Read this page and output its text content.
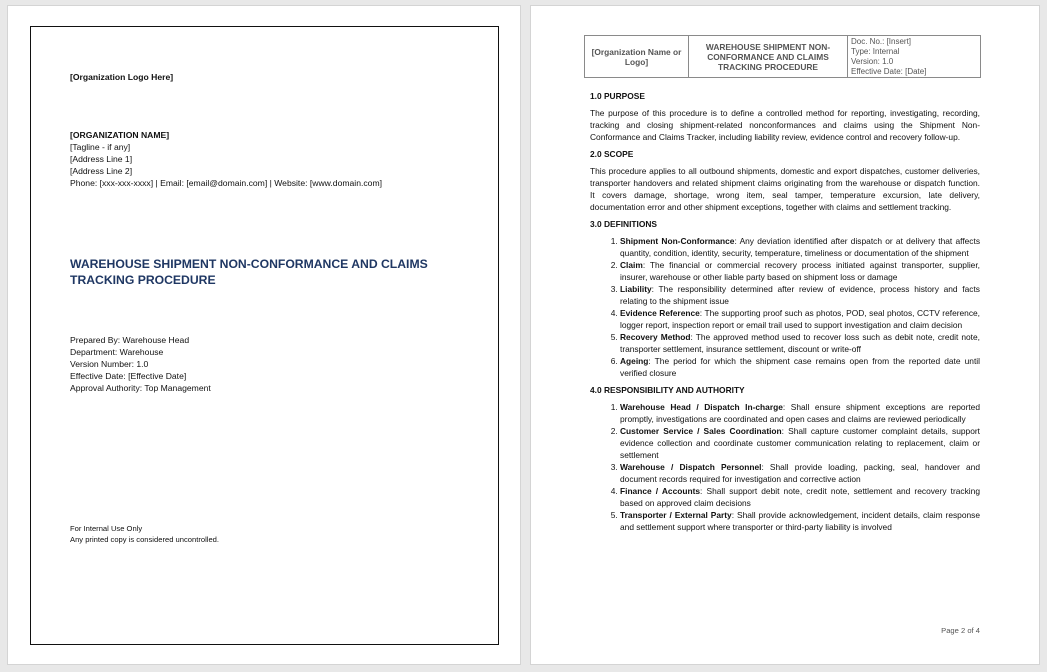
[Organization Logo Here]
[ORGANIZATION NAME]
[Tagline - if any]
[Address Line 1]
[Address Line 2]
Phone: [xxx-xxx-xxxx] | Email: [email@domain.com] | Website: [www.domain.com]
WAREHOUSE SHIPMENT NON-CONFORMANCE AND CLAIMS TRACKING PROCEDURE
Prepared By: Warehouse Head
Department: Warehouse
Version Number: 1.0
Effective Date: [Effective Date]
Approval Authority: Top Management
For Internal Use Only
Any printed copy is considered uncontrolled.
[Organization Name or Logo]	WAREHOUSE SHIPMENT NON-CONFORMANCE AND CLAIMS TRACKING PROCEDURE	
Doc. No.: [Insert]
Type: Internal
Version: 1.0
Effective Date: [Date]
1.0 PURPOSE

The purpose of this procedure is to define a controlled method for reporting, investigating, recording, tracking and closing shipment-related nonconformances and claims using the Shipment Non-Conformance and Claims Tracker, including liability review, evidence control and recovery follow-up.

2.0 SCOPE

This procedure applies to all outbound shipments, domestic and export dispatches, customer deliveries, transporter handovers and related shipment claims originating from the warehouse or dispatch function. It covers damage, shortage, wrong item, seal tamper, temperature excursion, late delivery, documentation error and other shipment exceptions, together with claims and settlement tracking.

3.0 DEFINITIONS
1. Shipment Non-Conformance: Any deviation identified after dispatch or at delivery that affects quantity, condition, identity, security, temperature, timeliness or documentation of the shipment
2. Claim: The financial or commercial recovery process initiated against transporter, supplier, insurer, warehouse or other liable party based on shipment loss or damage
3. Liability: The responsibility determined after review of evidence, process history and facts relating to the shipment issue
4. Evidence Reference: The supporting proof such as photos, POD, seal photos, CCTV reference, logger report, inspection report or email trail used to support investigation and claim decision
5. Recovery Method: The approved method used to recover loss such as debit note, credit note, transporter settlement, insurance settlement, discount or write-off
6. Ageing: The period for which the shipment case remains open from the reported date until verified closure
4.0 RESPONSIBILITY AND AUTHORITY
1. Warehouse Head / Dispatch In-charge: Shall ensure shipment exceptions are reported promptly, investigations are coordinated and open cases and claims are reviewed periodically
2. Customer Service / Sales Coordination: Shall capture customer complaint details, support evidence collection and coordinate customer communication relating to replacement, claim or settlement
3. Warehouse / Dispatch Personnel: Shall provide loading, packing, seal, handover and document records required for investigation and corrective action
4. Finance / Accounts: Shall support debit note, credit note, settlement and recovery tracking based on approved claim decisions
5. Transporter / External Party: Shall provide acknowledgement, incident details, claim response and settlement support where transporter or third-party liability is involved
Page 2 of 4
